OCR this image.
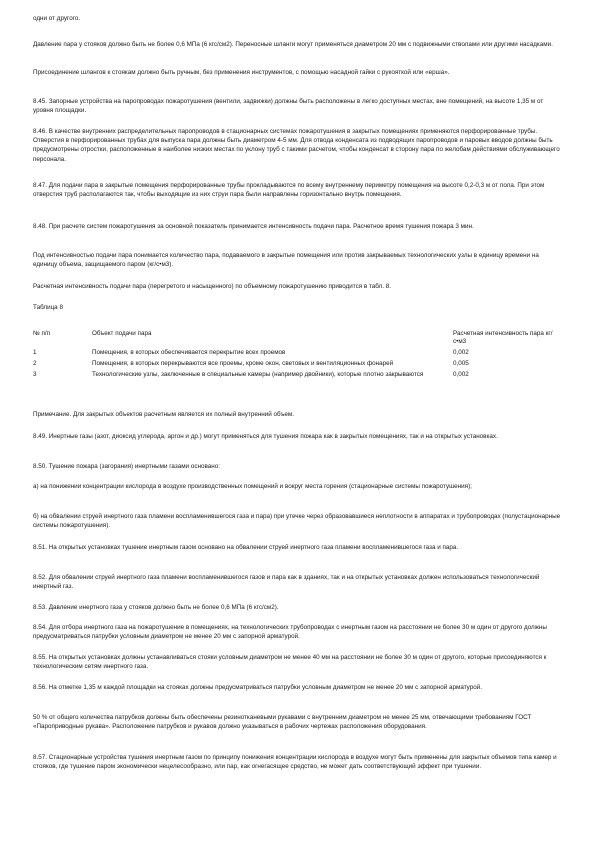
одни от другого.

Давление пара у стояков должно быть не более 0,6 МПа (6 кгс/см2). Переносные шланги могут применяться диаметром 20 мм с подвижными стволами или другими насадками.

Присоединение шлангов к стоякам должно быть ручным, без применения инструментов, с помощью насадной гайки с рукояткой или «ерша».

8.45. Запорные устройства на паропроводах пожаротушения (вентили, задвижки) должны быть расположены в легко доступных местах, вне помещений, на высоте 1,35 м от уровня площадки.

8.46. В качестве внутренних распределительных паропроводов в стационарных системах пожаротушения в закрытых помещениях применяются перфорированные трубы. Отверстия в перфорированных трубах для выпуска пара должны быть диаметром 4-5 мм. Для отвода конденсата из подводящих паропроводов и паровых вводов должны быть предусмотрены отростки, расположенные в наиболее низких местах по уклону труб с такими расчетом, чтобы конденсат в сторону пара по желобам действиями обслуживающего персонала.

8.47. Для подачи пара в закрытые помещения перфорированные трубы прокладываются по всему внутреннему периметру помещения на высоте 0,2-0,3 м от пола. При этом отверстия труб располагаются так, чтобы выходящие из них струи пара были направлены горизонтально внутрь помещения.

8.48. При расчете систем пожаротушения за основной показатель принимается интенсивность подачи пара. Расчетное время тушения пожара 3 мин.

Под интенсивностью подачи пара понимается количество пара, подаваемого в закрытые помещения или против закрываемых технологических узлы в единицу времени на единицу объема, защищаемого паром (кг/с•м3).

Расчетная интенсивность подачи пара (перегретого и насыщенного) по объемному пожаротушению приводится в табл. 8.

Таблица 8

№ п/п	Объект подачи пара	Расчетная интенсивность пара кг/с•м3
1	Помещения, в которых обеспечивается перекрытие всех проемов	0,002
2	Помещения, в которых перекрываются все проемы, кроме окон, световых и вентиляционных фонарей	0,005
3	Технологические узлы, заключенные в специальные камеры (например двойники), которые плотно закрываются	0,002

Примечание. Для закрытых объектов расчетным является их полный внутренний объем.

8.49. Инертные газы (азот, диоксид углерода, аргон и др.) могут применяться для тушения пожара как в закрытых помещениях, так и на открытых установках.

8.50. Тушение пожара (загорания) инертными газами основано:

а) на понижении концентрации кислорода в воздухе производственных помещений и вокруг места горения (стационарные системы пожаротушения);

б) на обвалении струей инертного газа пламени воспламенившегося газа и пара) при утечке через образовавшиеся неплотности в аппаратах и трубопроводах (полустационарные системы пожаротушения).

8.51. На открытых установках тушение инертным газом основано на обвалении струей инертного газа пламени воспламенившегося газа и пара.

8.52. Для обвалении струей инертного газа пламени воспламенившегося газов и пара как в зданиях, так и на открытых установках должен использоваться технологический инертный газ.

8.53. Давление инертного газа у стояков должно быть не более 0,6 МПа (6 кгс/см2).

8.54. Для отбора инертного газа на пожаротушение в помещениях, на технологических трубопроводах с инертным газом на расстоянии не более 30 м один от другого должны предусматриваться патрубки условным диаметром не менее 20 мм с запорной арматурой.

8.55. На открытых установках должны устанавливаться стояки условным диаметром не менее 40 мм на расстоянии не более 30 м один от другого, которые присоединяются к технологическим сетям инертного газа.

8.56. На отметке 1,35 м каждой площадки на стояках должны предусматриваться патрубки условным диаметром не менее 20 мм с запорной арматурой.

50 % от общего количества патрубков должны быть обеспечены резинотканевыми рукавами с внутренним диаметром не менее 25 мм, отвечающими требованиям ГОСТ «Пароприводные рукава». Расположение патрубков и рукавов должно указываться в рабочих чертежах расположения оборудования.

8.57. Стационарные устройства тушения инертным газом по принципу понижения концентрации кислорода в воздухе могут быть применены для закрытых объемов типа камер и стояков, где тушение паром экономически нецелесообразно, или пар, как огнегасящее средство, не может дать соответствующий эффект при тушении.
